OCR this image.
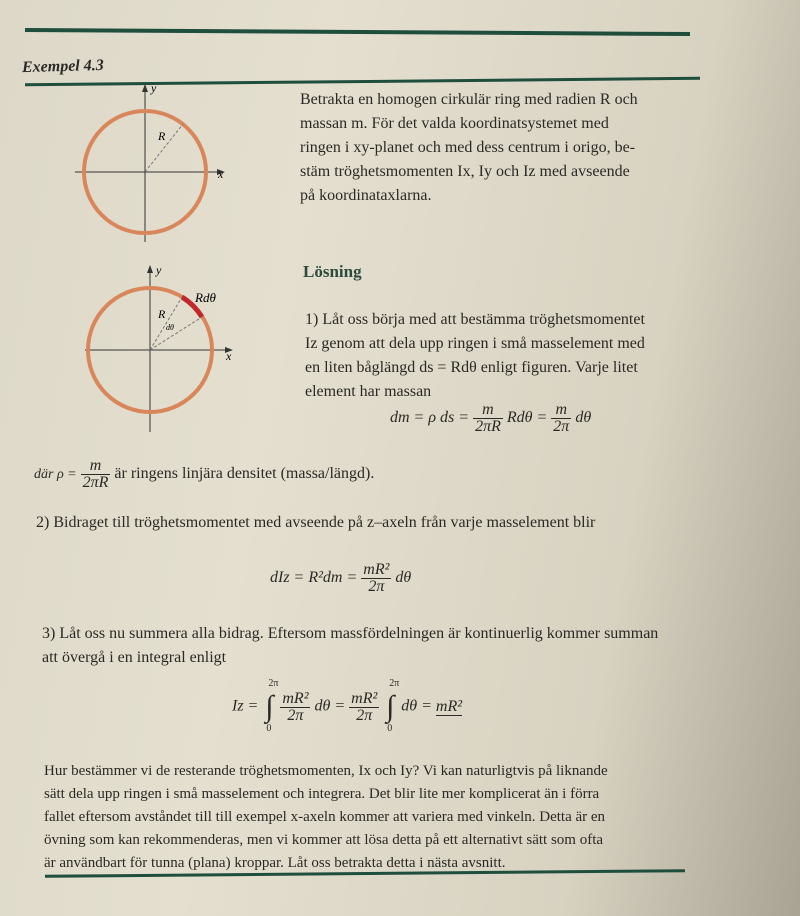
Exempel 4.3
y
x
R
Betrakta en homogen cirkulär ring med radien R och
massan m. För det valda koordinatsystemet med
ringen i xy-planet och med dess centrum i origo, be-
stäm tröghetsmomenten Ix, Iy och Iz med avseende
på koordinataxlarna.
y
x
R
Rdθ
dθ
Lösning
1) Låt oss börja med att bestämma tröghetsmomentet
Iz genom att dela upp ringen i små masselement med
en liten båglängd ds = Rdθ enligt figuren. Varje litet
element har massan
dm = ρ ds = $\frac{m}{2\pi R}$ $Rd\theta = \frac{m}{2\pi}$ dθ
där $\rho = \frac{m}{2\pi R}$ är ringens linjära densitet (massa/längd).
2) Bidraget till tröghetsmomentet med avseende på z–axeln från varje masselement blir
dIz = $R^2dm = \frac{\text{mR²}}{2\pi}$ dθ
3) Låt oss nu summera alla bidrag. Eftersom massfördelningen är kontinuerlig kommer summan
att övergå i en integral enligt
Iz = ∫
2π
0

$\frac{\text{mR²}}{2\pi}$ $d\theta = \frac{\text{mR²}}{2\pi}$ ∫
2π
0
dθ = mR²
Hur bestämmer vi de resterande tröghetsmomenten, Ix och Iy? Vi kan naturligtvis på liknande
sätt dela upp ringen i små masselement och integrera. Det blir lite mer komplicerat än i förra
fallet eftersom avståndet till till exempel x-axeln kommer att variera med vinkeln. Detta är en
övning som kan rekommenderas, men vi kommer att lösa detta på ett alternativt sätt som ofta
är användbart för tunna (plana) kroppar. Låt oss betrakta detta i nästa avsnitt.
